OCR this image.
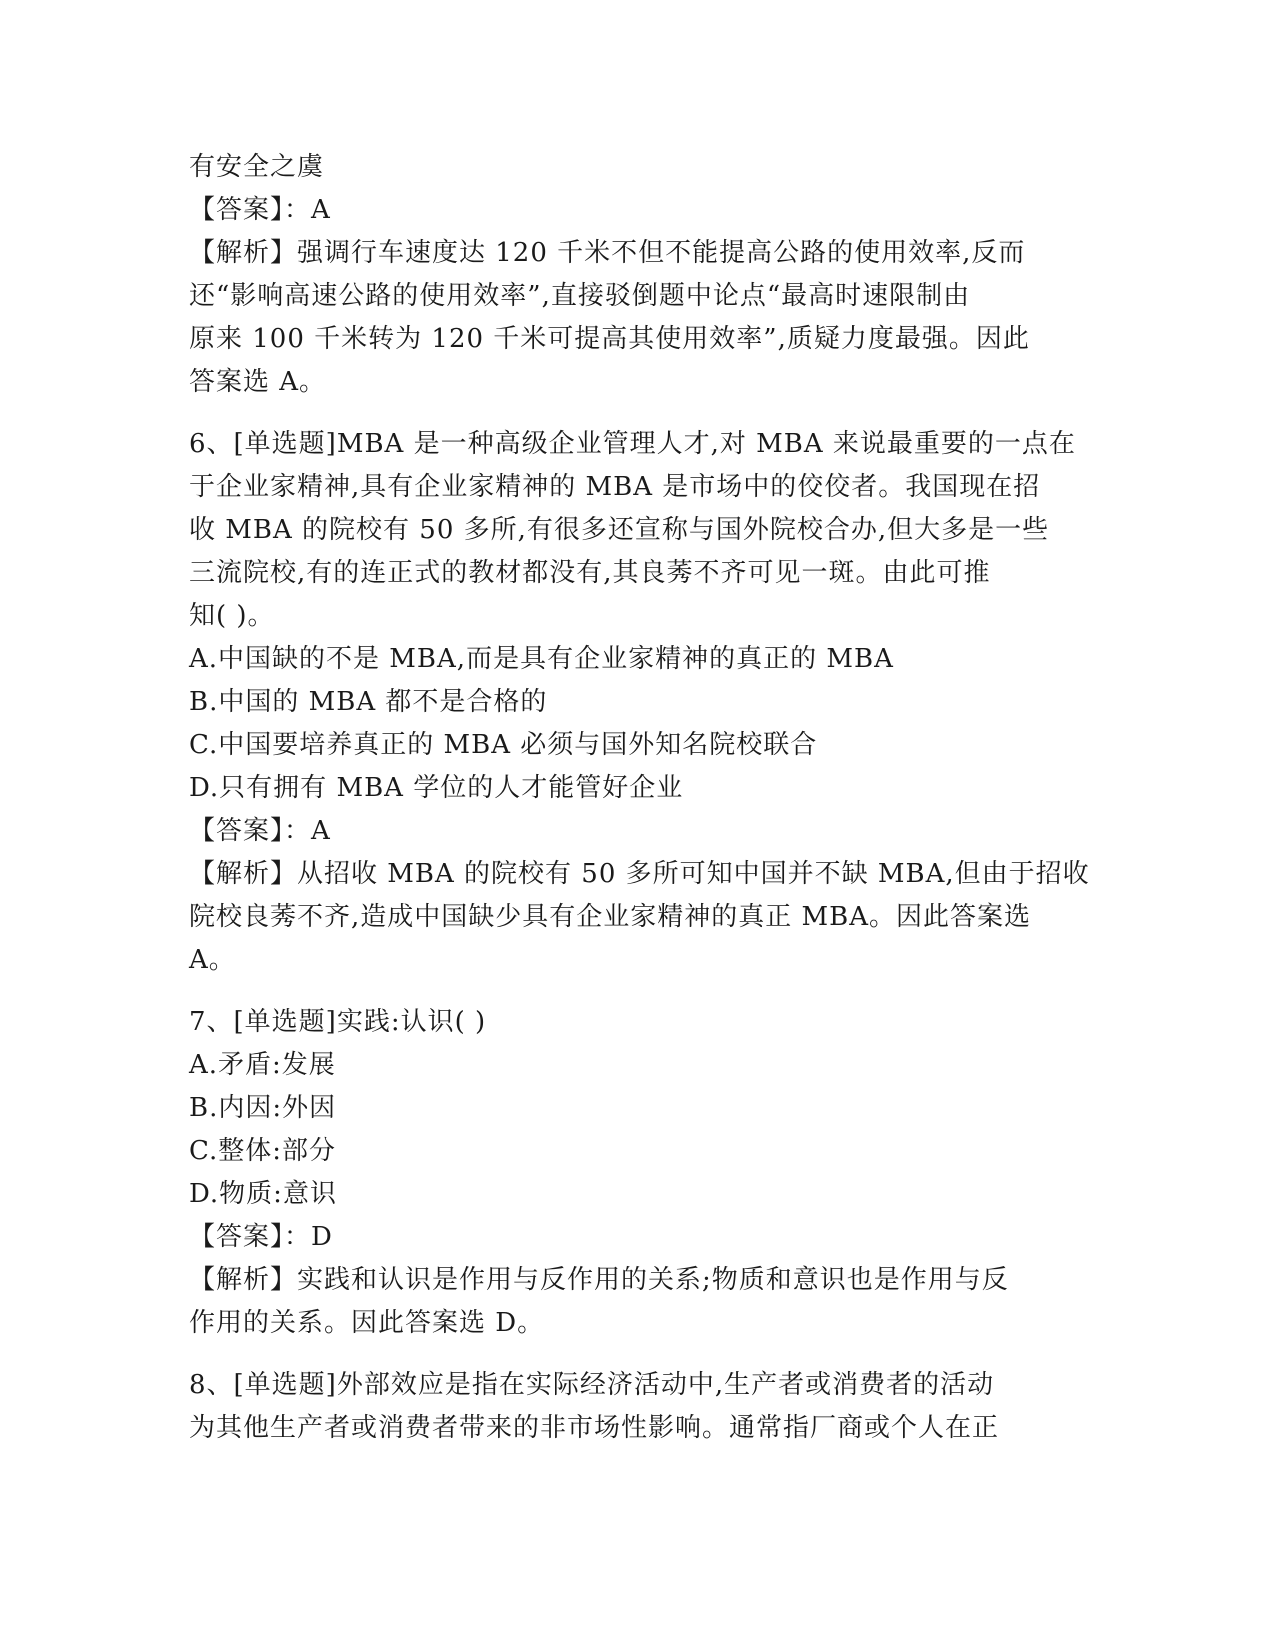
有安全之虞
【答案】：A
【解析】强调行车速度达 120 千米不但不能提高公路的使用效率,反而
还“影响高速公路的使用效率”,直接驳倒题中论点“最高时速限制由
原来 100 千米转为 120 千米可提高其使用效率”,质疑力度最强。因此
答案选 A。
6、[单选题]MBA 是一种高级企业管理人才,对 MBA 来说最重要的一点在
于企业家精神,具有企业家精神的 MBA 是市场中的佼佼者。我国现在招
收 MBA 的院校有 50 多所,有很多还宣称与国外院校合办,但大多是一些
三流院校,有的连正式的教材都没有,其良莠不齐可见一斑。由此可推
知( )。
A.中国缺的不是 MBA,而是具有企业家精神的真正的 MBA
B.中国的 MBA 都不是合格的
C.中国要培养真正的 MBA 必须与国外知名院校联合
D.只有拥有 MBA 学位的人才能管好企业
【答案】：A
【解析】从招收 MBA 的院校有 50 多所可知中国并不缺 MBA,但由于招收
院校良莠不齐,造成中国缺少具有企业家精神的真正 MBA。因此答案选
A。
7、[单选题]实践:认识( )
A.矛盾:发展
B.内因:外因
C.整体:部分
D.物质:意识
【答案】：D
【解析】实践和认识是作用与反作用的关系;物质和意识也是作用与反
作用的关系。因此答案选 D。
8、[单选题]外部效应是指在实际经济活动中,生产者或消费者的活动
为其他生产者或消费者带来的非市场性影响。通常指厂商或个人在正
